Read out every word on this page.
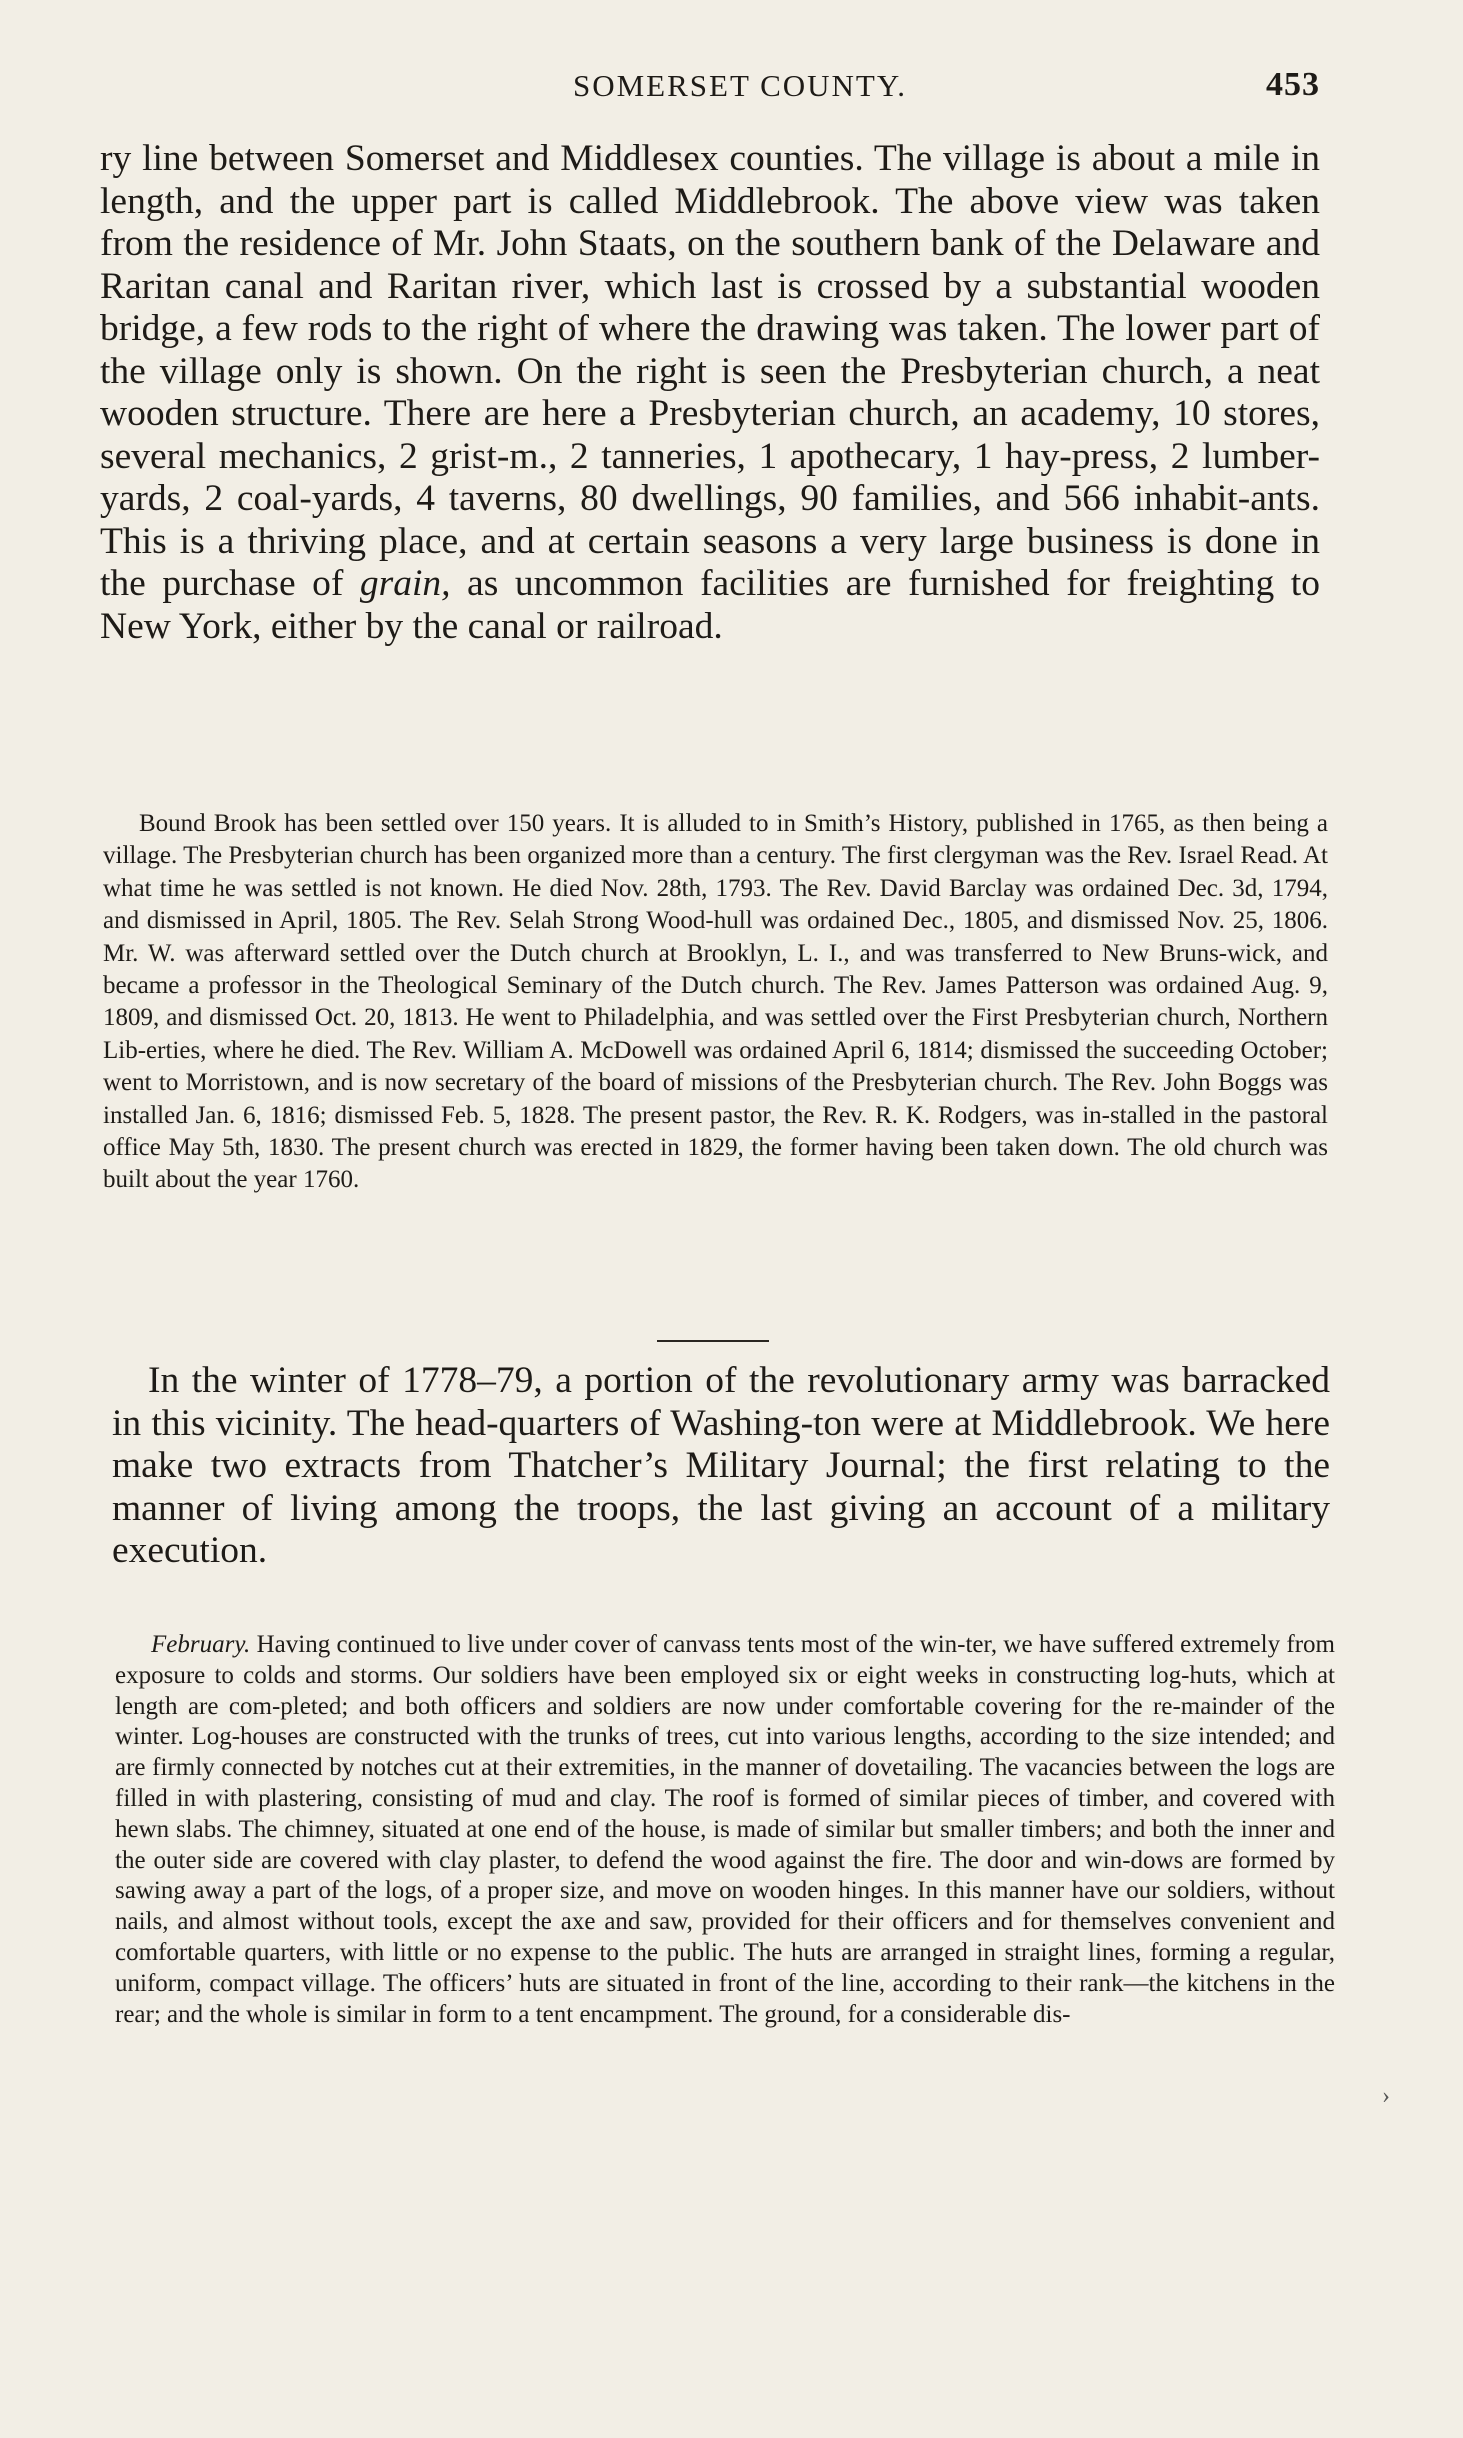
SOMERSET COUNTY.	453

ry line between Somerset and Middlesex counties. The village is about a mile in length, and the upper part is called Middlebrook. The above view was taken from the residence of Mr. John Staats, on the southern bank of the Delaware and Raritan canal and Raritan river, which last is crossed by a substantial wooden bridge, a few rods to the right of where the drawing was taken. The lower part of the village only is shown. On the right is seen the Presbyterian church, a neat wooden structure. There are here a Presbyterian church, an academy, 10 stores, several mechanics, 2 grist-m., 2 tanneries, 1 apothecary, 1 hay-press, 2 lumber-yards, 2 coal-yards, 4 taverns, 80 dwellings, 90 families, and 566 inhabit-ants. This is a thriving place, and at certain seasons a very large business is done in the purchase of grain, as uncommon facilities are furnished for freighting to New York, either by the canal or railroad.

Bound Brook has been settled over 150 years. It is alluded to in Smith’s History, published in 1765, as then being a village. The Presbyterian church has been organized more than a century. The first clergyman was the Rev. Israel Read. At what time he was settled is not known. He died Nov. 28th, 1793. The Rev. David Barclay was ordained Dec. 3d, 1794, and dismissed in April, 1805. The Rev. Selah Strong Wood-hull was ordained Dec., 1805, and dismissed Nov. 25, 1806. Mr. W. was afterward settled over the Dutch church at Brooklyn, L. I., and was transferred to New Bruns-wick, and became a professor in the Theological Seminary of the Dutch church. The Rev. James Patterson was ordained Aug. 9, 1809, and dismissed Oct. 20, 1813. He went to Philadelphia, and was settled over the First Presbyterian church, Northern Lib-erties, where he died. The Rev. William A. McDowell was ordained April 6, 1814; dismissed the succeeding October; went to Morristown, and is now secretary of the board of missions of the Presbyterian church. The Rev. John Boggs was installed Jan. 6, 1816; dismissed Feb. 5, 1828. The present pastor, the Rev. R. K. Rodgers, was in-stalled in the pastoral office May 5th, 1830. The present church was erected in 1829, the former having been taken down. The old church was built about the year 1760.

In the winter of 1778–79, a portion of the revolutionary army was barracked in this vicinity. The head-quarters of Washing-ton were at Middlebrook. We here make two extracts from Thatcher’s Military Journal; the first relating to the manner of living among the troops, the last giving an account of a military execution.

February. Having continued to live under cover of canvass tents most of the win-ter, we have suffered extremely from exposure to colds and storms. Our soldiers have been employed six or eight weeks in constructing log-huts, which at length are com-pleted; and both officers and soldiers are now under comfortable covering for the re-mainder of the winter. Log-houses are constructed with the trunks of trees, cut into various lengths, according to the size intended; and are firmly connected by notches cut at their extremities, in the manner of dovetailing. The vacancies between the logs are filled in with plastering, consisting of mud and clay. The roof is formed of similar pieces of timber, and covered with hewn slabs. The chimney, situated at one end of the house, is made of similar but smaller timbers; and both the inner and the outer side are covered with clay plaster, to defend the wood against the fire. The door and win-dows are formed by sawing away a part of the logs, of a proper size, and move on wooden hinges. In this manner have our soldiers, without nails, and almost without tools, except the axe and saw, provided for their officers and for themselves convenient and comfortable quarters, with little or no expense to the public. The huts are arranged in straight lines, forming a regular, uniform, compact village. The officers’ huts are situated in front of the line, according to their rank—the kitchens in the rear; and the whole is similar in form to a tent encampment. The ground, for a considerable dis-

›
